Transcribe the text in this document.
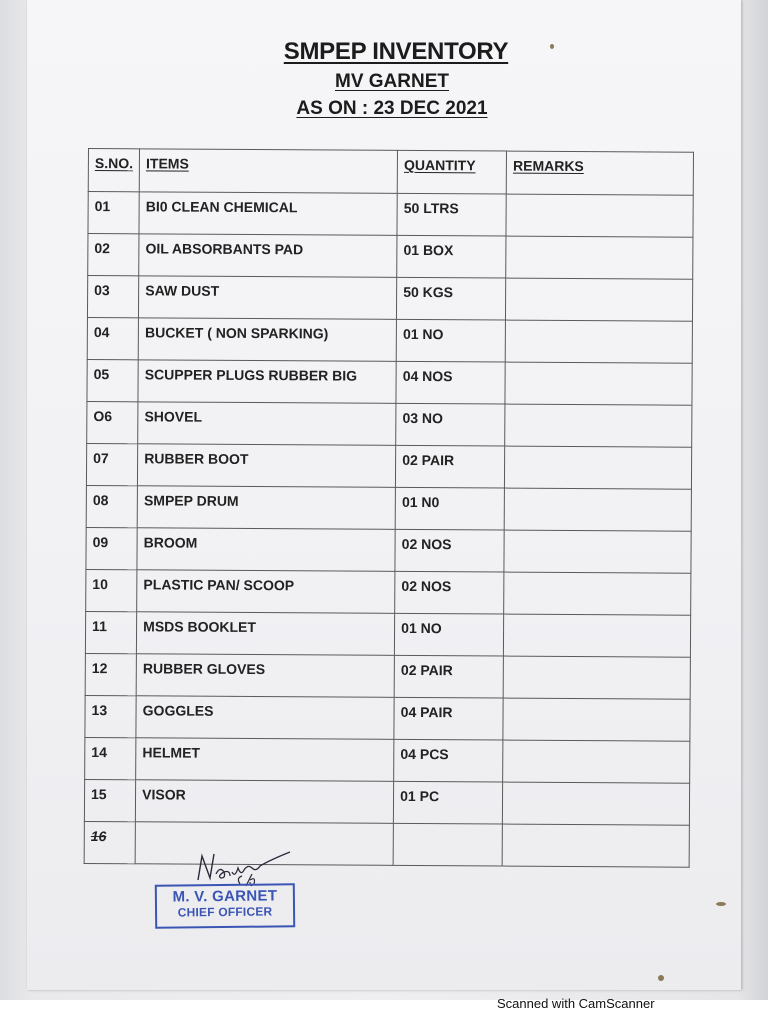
SMPEP INVENTORY
MV GARNET
AS ON : 23 DEC 2021
S.NO.	ITEMS	QUANTITY	REMARKS
01	BI0 CLEAN CHEMICAL	50 LTRS	
02	OIL ABSORBANTS PAD	01 BOX	
03	SAW DUST	50 KGS	
04	BUCKET ( NON SPARKING)	01 NO	
05	SCUPPER PLUGS RUBBER BIG	04 NOS	
O6	SHOVEL	03 NO	
07	RUBBER BOOT	02 PAIR	
08	SMPEP DRUM	01 N0	
09	BROOM	02 NOS	
10	PLASTIC PAN/ SCOOP	02 NOS	
11	MSDS BOOKLET	01 NO	
12	RUBBER GLOVES	02 PAIR	
13	GOGGLES	04 PAIR	
14	HELMET	04 PCS	
15	VISOR	01 PC	
16			
M. V. GARNET
CHIEF OFFICER
Scanned with CamScanner
